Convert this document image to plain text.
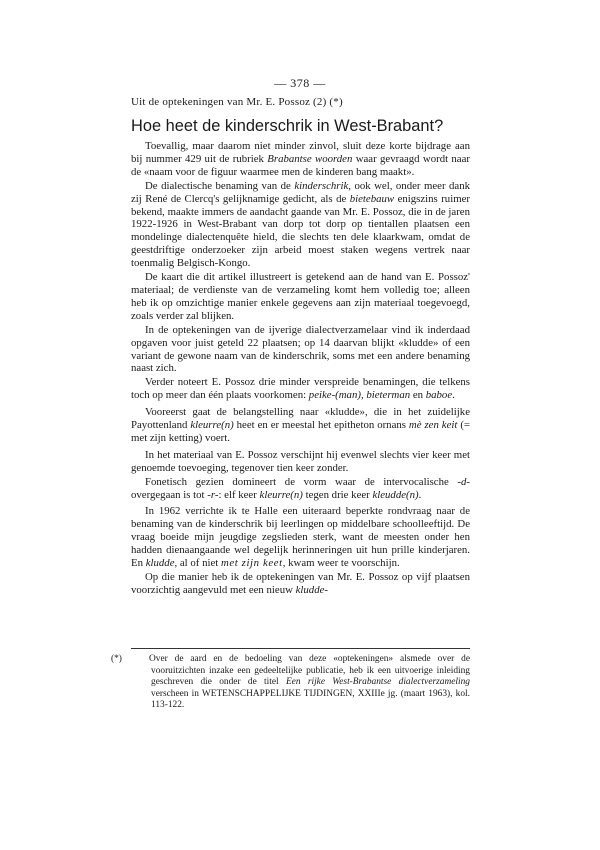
— 378 —
Uit de optekeningen van Mr. E. Possoz (2) (*)
Hoe heet de kinderschrik in West-Brabant?

Toevallig, maar daarom niet minder zinvol, sluit deze korte bijdrage aan bij nummer 429 uit de rubriek Brabantse woorden waar gevraagd wordt naar de «naam voor de figuur waarmee men de kinderen bang maakt».

De dialectische benaming van de kinderschrik, ook wel, onder meer dank zij René de Clercq's gelijknamige gedicht, als de bietebauw enigszins ruimer bekend, maakte immers de aandacht gaande van Mr. E. Possoz, die in de jaren 1922-1926 in West-Brabant van dorp tot dorp op tientallen plaatsen een mondelinge dialectenquête hield, die slechts ten dele klaarkwam, omdat de geestdriftige onderzoeker zijn arbeid moest staken wegens vertrek naar toenmalig Belgisch-Kongo.

De kaart die dit artikel illustreert is getekend aan de hand van E. Possoz' materiaal; de verdienste van de verzameling komt hem volledig toe; alleen heb ik op omzichtige manier enkele gegevens aan zijn materiaal toegevoegd, zoals verder zal blijken.

In de optekeningen van de ijverige dialectverzamelaar vind ik inderdaad opgaven voor juist geteld 22 plaatsen; op 14 daarvan blijkt «kludde» of een variant de gewone naam van de kinderschrik, soms met een andere benaming naast zich.

Verder noteert E. Possoz drie minder verspreide benamingen, die telkens toch op meer dan één plaats voorkomen: peike-(man), bieterman en baboe.

Vooreerst gaat de belangstelling naar «kludde», die in het zuidelijke Payottenland kleurre(n) heet en er meestal het epitheton ornans mè zen keit (= met zijn ketting) voert.

In het materiaal van E. Possoz verschijnt hij evenwel slechts vier keer met genoemde toevoeging, tegenover tien keer zonder.

Fonetisch gezien domineert de vorm waar de intervocalische -d- overgegaan is tot -r-: elf keer kleurre(n) tegen drie keer kleudde(n).

In 1962 verrichte ik te Halle een uiteraard beperkte rondvraag naar de benaming van de kinderschrik bij leerlingen op middelbare schoolleeftijd. De vraag boeide mijn jeugdige zegslieden sterk, want de meesten onder hen hadden dienaangaande wel degelijk herinneringen uit hun prille kinderjaren. En kludde, al of niet met zijn keet, kwam weer te voorschijn.

Op die manier heb ik de optekeningen van Mr. E. Possoz op vijf plaatsen voorzichtig aangevuld met een nieuw kludde-

(*)	Over de aard en de bedoeling van deze «optekeningen» alsmede over de vooruitzichten inzake een gedeeltelijke publicatie, heb ik een uitvoerige inleiding geschreven die onder de titel Een rijke West-Brabantse dialectverzameling verscheen in WETENSCHAPPELIJKE TIJDINGEN, XXIIIe jg. (maart 1963), kol. 113-122.
